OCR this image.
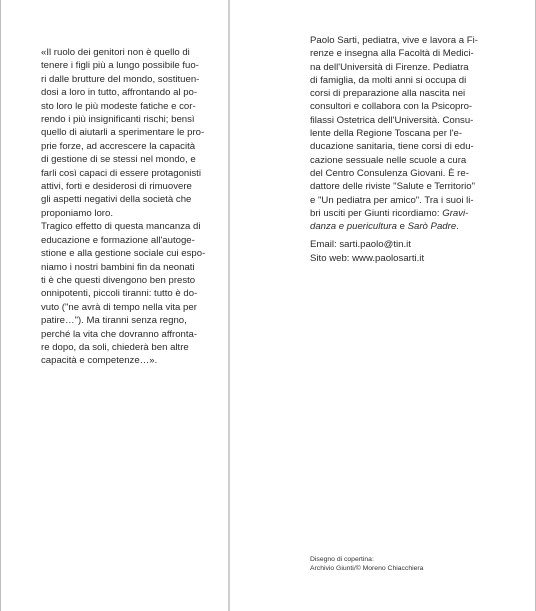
«Il ruolo dei genitori non è quello di
tenere i figli più a lungo possibile fuo-
ri dalle brutture del mondo, sostituen-
dosi a loro in tutto, affrontando al po-
sto loro le più modeste fatiche e cor-
rendo i più insignificanti rischi; bensì
quello di aiutarli a sperimentare le pro-
prie forze, ad accrescere la capacità
di gestione di se stessi nel mondo, e
farli così capaci di essere protagonisti
attivi, forti e desiderosi di rimuovere
gli aspetti negativi della società che
proponiamo loro.
Tragico effetto di questa mancanza di
educazione e formazione all'autoge-
stione e alla gestione sociale cui espo-
niamo i nostri bambini fin da neonati
ti è che questi divengono ben presto
onnipotenti, piccoli tiranni: tutto è do-
vuto ("ne avrà di tempo nella vita per
patire…"). Ma tiranni senza regno,
perché la vita che dovranno affronta-
re dopo, da soli, chiederà ben altre
capacità e competenze…».

Paolo Sarti, pediatra, vive e lavora a Fi-
renze e insegna alla Facoltà di Medici-
na dell'Università di Firenze. Pediatra
di famiglia, da molti anni si occupa di
corsi di preparazione alla nascita nei
consultori e collabora con la Psicopro-
filassi Ostetrica dell'Università. Consu-
lente della Regione Toscana per l'e-
ducazione sanitaria, tiene corsi di edu-
cazione sessuale nelle scuole a cura
del Centro Consulenza Giovani. È re-
dattore delle riviste "Salute e Territorio"
e "Un pediatra per amico". Tra i suoi li-
bri usciti per Giunti ricordiamo: Gravi-
danza e puericultura e Sarò Padre.
Email: sarti.paolo@tin.it
Sito web: www.paolosarti.it
Disegno di copertina:
Archivio Giunti/© Moreno Chiacchiera
